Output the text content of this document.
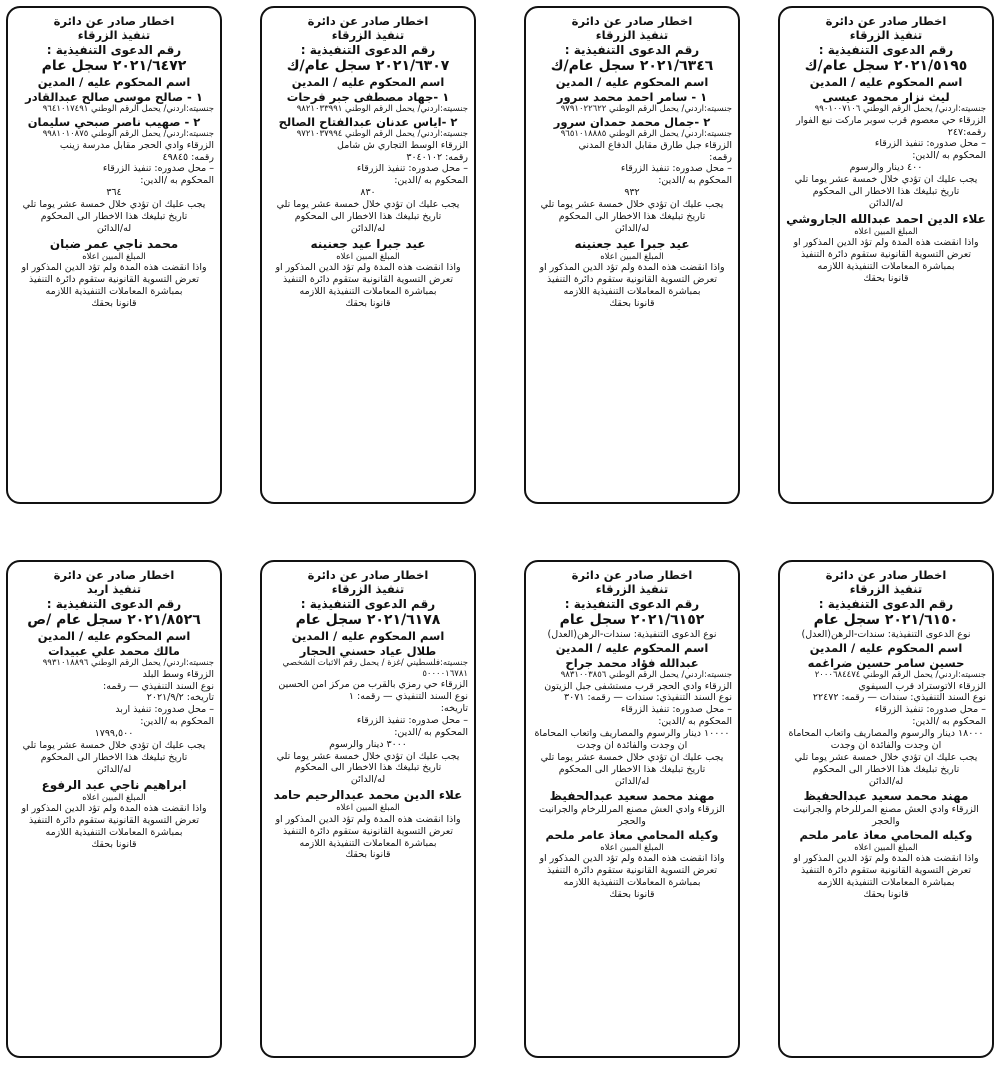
اخطار صادر عن دائرة
تنفيذ الزرقاء
رقم الدعوى التنفيذية :
٢٠٢١/٥١٩٥ سجل عام/ك
اسم المحكوم عليه / المدين
ليث نزار محمود عيسى
جنسيته:اردني/ يحمل الرقم الوطني ٩٩٠١٠٠٧١٠٦
الزرقاء حي معصوم قرب سوبر ماركت نبع الفوار
رقمه:٢٤٧
– محل صدوره: تنفيذ الزرقاء
المحكوم به /الدين:
٤٠٠ دينار والرسوم
يجب عليك ان تؤدي خلال خمسة عشر يوما تلي تاريخ تبليغك هذا الاخطار الى المحكوم
له/الدائن
علاء الدين احمد عبدالله الجاروشي
المبلغ المبين اعلاه
واذا انقضت هذه المدة ولم تؤد الدين المذكور او تعرض التسوية القانونية ستقوم دائرة التنفيذ بمباشرة المعاملات التنفيذية اللازمه
قانونا بحقك
اخطار صادر عن دائرة
تنفيذ الزرقاء
رقم الدعوى التنفيذية :
٢٠٢١/٦٣٤٦ سجل عام/ك
اسم المحكوم عليه / المدين
١ - سامر احمد محمد سرور
جنسيته:اردني/ يحمل الرقم الوطني ٩٧٩١٠٢٢٦٢٢
٢ -جمال محمد حمدان سرور
جنسيته:اردني/ يحمل الرقم الوطني ٩٦٥١٠١٨٨٨٥
الزرقاء جبل طارق مقابل الدفاع المدني
رقمه:
– محل صدوره: تنفيذ الزرقاء
المحكوم به /الدين:
٩٣٢
يجب عليك ان تؤدي خلال خمسة عشر يوما تلي تاريخ تبليغك هذا الاخطار الى المحكوم
له/الدائن
عيد جبرا عيد جعنينه
المبلغ المبين اعلاه
واذا انقضت هذه المدة ولم تؤد الدين المذكور او تعرض التسوية القانونية ستقوم دائرة التنفيذ بمباشرة المعاملات التنفيذية اللازمه
قانونا بحقك
اخطار صادر عن دائرة
تنفيذ الزرقاء
رقم الدعوى التنفيذية :
٢٠٢١/٦٣٠٧ سجل عام/ك
اسم المحكوم عليه / المدين
١ -جهاد مصطفى جبر فرحات
جنسيته:اردني/ يحمل الرقم الوطني ٩٨٢١٠٣٣٩٩١
٢ -اياس عدنان عبدالفتاح الصالح
جنسيته:اردني/ يحمل الرقم الوطني ٩٧٢١٠٣٧٩٩٤
الزرقاء الوسط التجاري ش شامل
رقمه: ٣٠٤٠١٠٢
– محل صدوره: تنفيذ الزرقاء
المحكوم به /الدين:
٨٣٠
يجب عليك ان تؤدي خلال خمسة عشر يوما تلي تاريخ تبليغك هذا الاخطار الى المحكوم
له/الدائن
عيد جبرا عيد جعنينه
المبلغ المبين اعلاه
واذا انقضت هذه المدة ولم تؤد الدين المذكور او تعرض التسوية القانونية ستقوم دائرة التنفيذ بمباشرة المعاملات التنفيذية اللازمه
قانونا بحقك
اخطار صادر عن دائرة
تنفيذ الزرقاء
رقم الدعوى التنفيذية :
٢٠٢١/٦٤٧٢ سجل عام
اسم المحكوم عليه / المدين
١ - صالح موسى صالح عبدالقادر
جنسيته:اردني/ يحمل الرقم الوطني ٩٦٤١٠١٧٤٩١
٢ - صهيب ناصر صبحي سليمان
جنسيته:اردني/ يحمل الرقم الوطني ٩٩٨١٠١٠٨٧٥
الزرقاء وادي الحجر مقابل مدرسة زينب
رقمه: ٤٩٨٤٥
– محل صدوره: تنفيذ الزرقاء
المحكوم به /الدين:
٣٦٤
يجب عليك ان تؤدي خلال خمسة عشر يوما تلي تاريخ تبليغك هذا الاخطار الى المحكوم
له/الدائن
محمد ناجي عمر ضبان
المبلغ المبين اعلاه
واذا انقضت هذه المدة ولم تؤد الدين المذكور او تعرض التسوية القانونية ستقوم دائرة التنفيذ بمباشرة المعاملات التنفيذية اللازمه
قانونا بحقك
اخطار صادر عن دائرة
تنفيذ الزرقاء
رقم الدعوى التنفيذية :
٢٠٢١/٦١٥٠ سجل عام
نوع الدعوى التنفيذية: سندات-الرهن(العدل)
اسم المحكوم عليه / المدين
حسين سامر حسين ضراغمه
جنسيته:اردني/ يحمل الرقم الوطني ٢٠٠٠٦٨٤٤٧٤
الزرقاء الاتوستراد قرب السيفوي
نوع السند التنفيذي: سندات — رقمه: ٢٢٤٧٢
– محل صدوره: تنفيذ الزرقاء
المحكوم به /الدين:
١٨٠٠٠ دينار والرسوم والمصاريف واتعاب المحاماة ان وجدت والفائدة ان وجدت
يجب عليك ان تؤدي خلال خمسة عشر يوما تلي تاريخ تبليغك هذا الاخطار الى المحكوم
له/الدائن
مهند محمد سعيد عبدالحفيظ
الزرقاء وادي العش مصنع المرللرخام والجرانيت والحجر
وكيله المحامي معاذ عامر ملحم
المبلغ المبين اعلاه
واذا انقضت هذه المدة ولم تؤد الدين المذكور او تعرض التسوية القانونية ستقوم دائرة التنفيذ بمباشرة المعاملات التنفيذية اللازمه
قانونا بحقك
اخطار صادر عن دائرة
تنفيذ الزرقاء
رقم الدعوى التنفيذية :
٢٠٢١/٦١٥٢ سجل عام
نوع الدعوى التنفيذية: سندات-الرهن(العدل)
اسم المحكوم عليه / المدين
عبدالله فؤاد محمد جراح
جنسيته:اردني/ يحمل الرقم الوطني ٩٨٣١٠٠٣٨٥٦
الزرقاء وادي الحجر قرب مستشفى جبل الزيتون
نوع السند التنفيذي: سندات — رقمه: ٣٠٧١
– محل صدوره: تنفيذ الزرقاء
المحكوم به /الدين:
١٠٠٠٠ دينار والرسوم والمصاريف واتعاب المحاماة ان وجدت والفائدة ان وجدت
يجب عليك ان تؤدي خلال خمسة عشر يوما تلي تاريخ تبليغك هذا الاخطار الى المحكوم
له/الدائن
مهند محمد سعيد عبدالحفيظ
الزرقاء وادي العش مصنع المرللرخام والجرانيت والحجر
وكيله المحامي معاذ عامر ملحم
المبلغ المبين اعلاه
واذا انقضت هذه المدة ولم تؤد الدين المذكور او تعرض التسوية القانونية ستقوم دائرة التنفيذ بمباشرة المعاملات التنفيذية اللازمه
قانونا بحقك
اخطار صادر عن دائرة
تنفيذ الزرقاء
رقم الدعوى التنفيذية :
٢٠٢١/٦١٧٨ سجل عام
اسم المحكوم عليه / المدين
طلال عياد حسني الحجار
جنسيته:فلسطيني /غزة / يحمل رقم الاثبات الشخصي ٥٠٠٠٠١٦٧٨١
الزرقاء حي رمزي بالقرب من مركز امن الحسين
نوع السند التنفيذي — رقمه: ١
تاريخه:
– محل صدوره: تنفيذ الزرقاء
المحكوم به /الدين:
٣٠٠٠ دينار والرسوم
يجب عليك ان تؤدي خلال خمسة عشر يوما تلي تاريخ تبليغك هذا الاخطار الى المحكوم
له/الدائن
علاء الدين محمد عبدالرحيم حامد
المبلغ المبين اعلاه
واذا انقضت هذه المدة ولم تؤد الدين المذكور او تعرض التسوية القانونية ستقوم دائرة التنفيذ بمباشرة المعاملات التنفيذية اللازمه
قانونا بحقك
اخطار صادر عن دائرة
تنفيذ اربد
رقم الدعوى التنفيذية :
٢٠٢١/٨٥٢٦ سجل عام /ص
اسم المحكوم عليه / المدين
مالك محمد علي عبيدات
جنسيته:اردني/ يحمل الرقم الوطني ٩٩٣١٠١٨٨٩٦
الزرقاء وسط البلد
نوع السند التنفيذي — رقمه:
تاريخه: ٢٠٢١/٩/٢
– محل صدوره: تنفيذ اربد
المحكوم به /الدين:
١٧٩٩,٥٠٠
يجب عليك ان تؤدي خلال خمسة عشر يوما تلي تاريخ تبليغك هذا الاخطار الى المحكوم
له/الدائن
ابراهيم ناجي عبد الرفوع
المبلغ المبين اعلاه
واذا انقضت هذه المدة ولم تؤد الدين المذكور او تعرض التسوية القانونية ستقوم دائرة التنفيذ بمباشرة المعاملات التنفيذية اللازمه
قانونا بحقك
